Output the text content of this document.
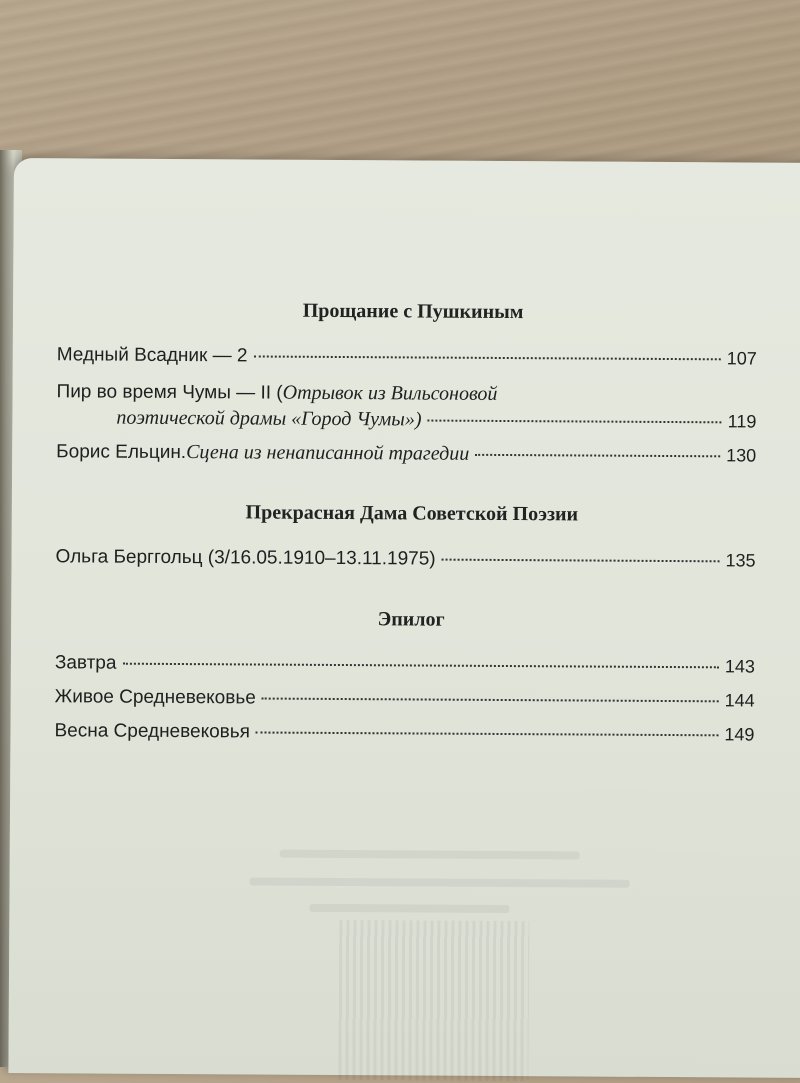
Прощание с Пушкиным
Медный Всадник — 2	107
Пир во время Чумы — II ( Отрывок из Вильсоновой
поэтической драмы «Город Чумы»)	119
Борис Ельцин. Сцена из ненаписанной трагедии	130
Прекрасная Дама Советской Поэзии
Ольга Берггольц (3/16.05.1910–13.11.1975)	135
Эпилог
Завтра	143
Живое Средневековье	144
Весна Средневековья	149
